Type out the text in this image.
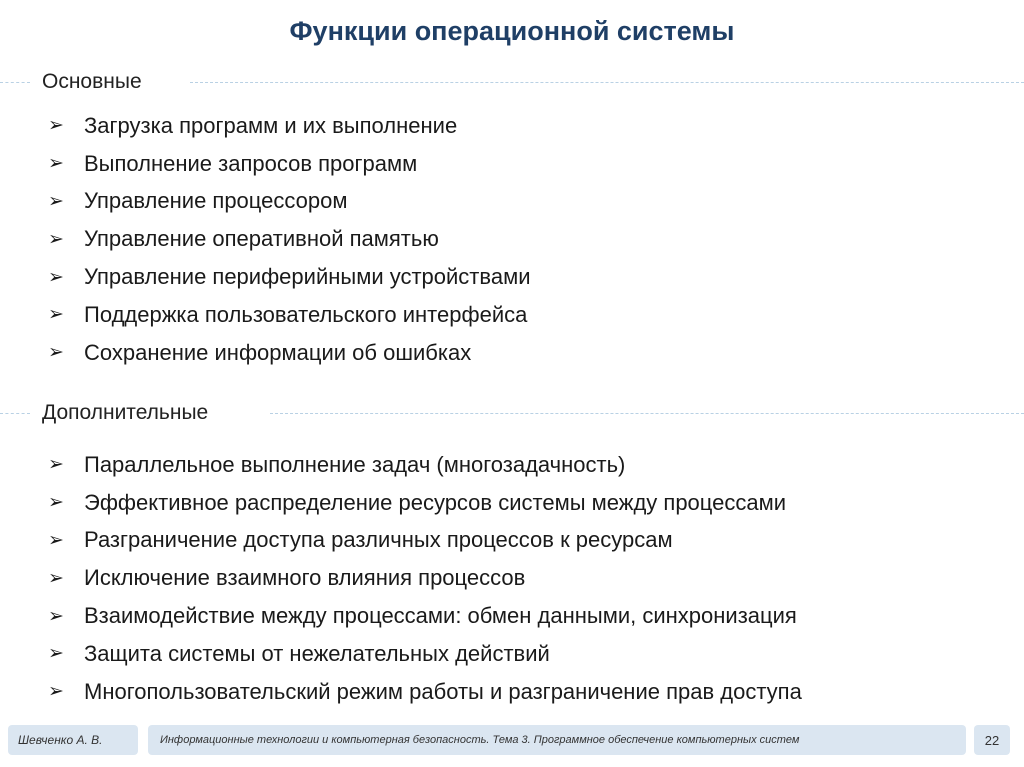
Функции операционной системы
Основные
➢ Загрузка программ и их выполнение
➢ Выполнение запросов программ
➢ Управление процессором
➢ Управление оперативной памятью
➢ Управление периферийными устройствами
➢ Поддержка пользовательского интерфейса
➢ Сохранение информации об ошибках
Дополнительные
➢ Параллельное выполнение задач (многозадачность)
➢ Эффективное распределение ресурсов системы между процессами
➢ Разграничение доступа различных процессов к ресурсам
➢ Исключение взаимного влияния процессов
➢ Взаимодействие между процессами: обмен данными, синхронизация
➢ Защита системы от нежелательных действий
➢ Многопользовательский режим работы и разграничение прав доступа
Шевченко А. В.	Информационные технологии и компьютерная безопасность. Тема 3. Программное обеспечение компьютерных систем	22
